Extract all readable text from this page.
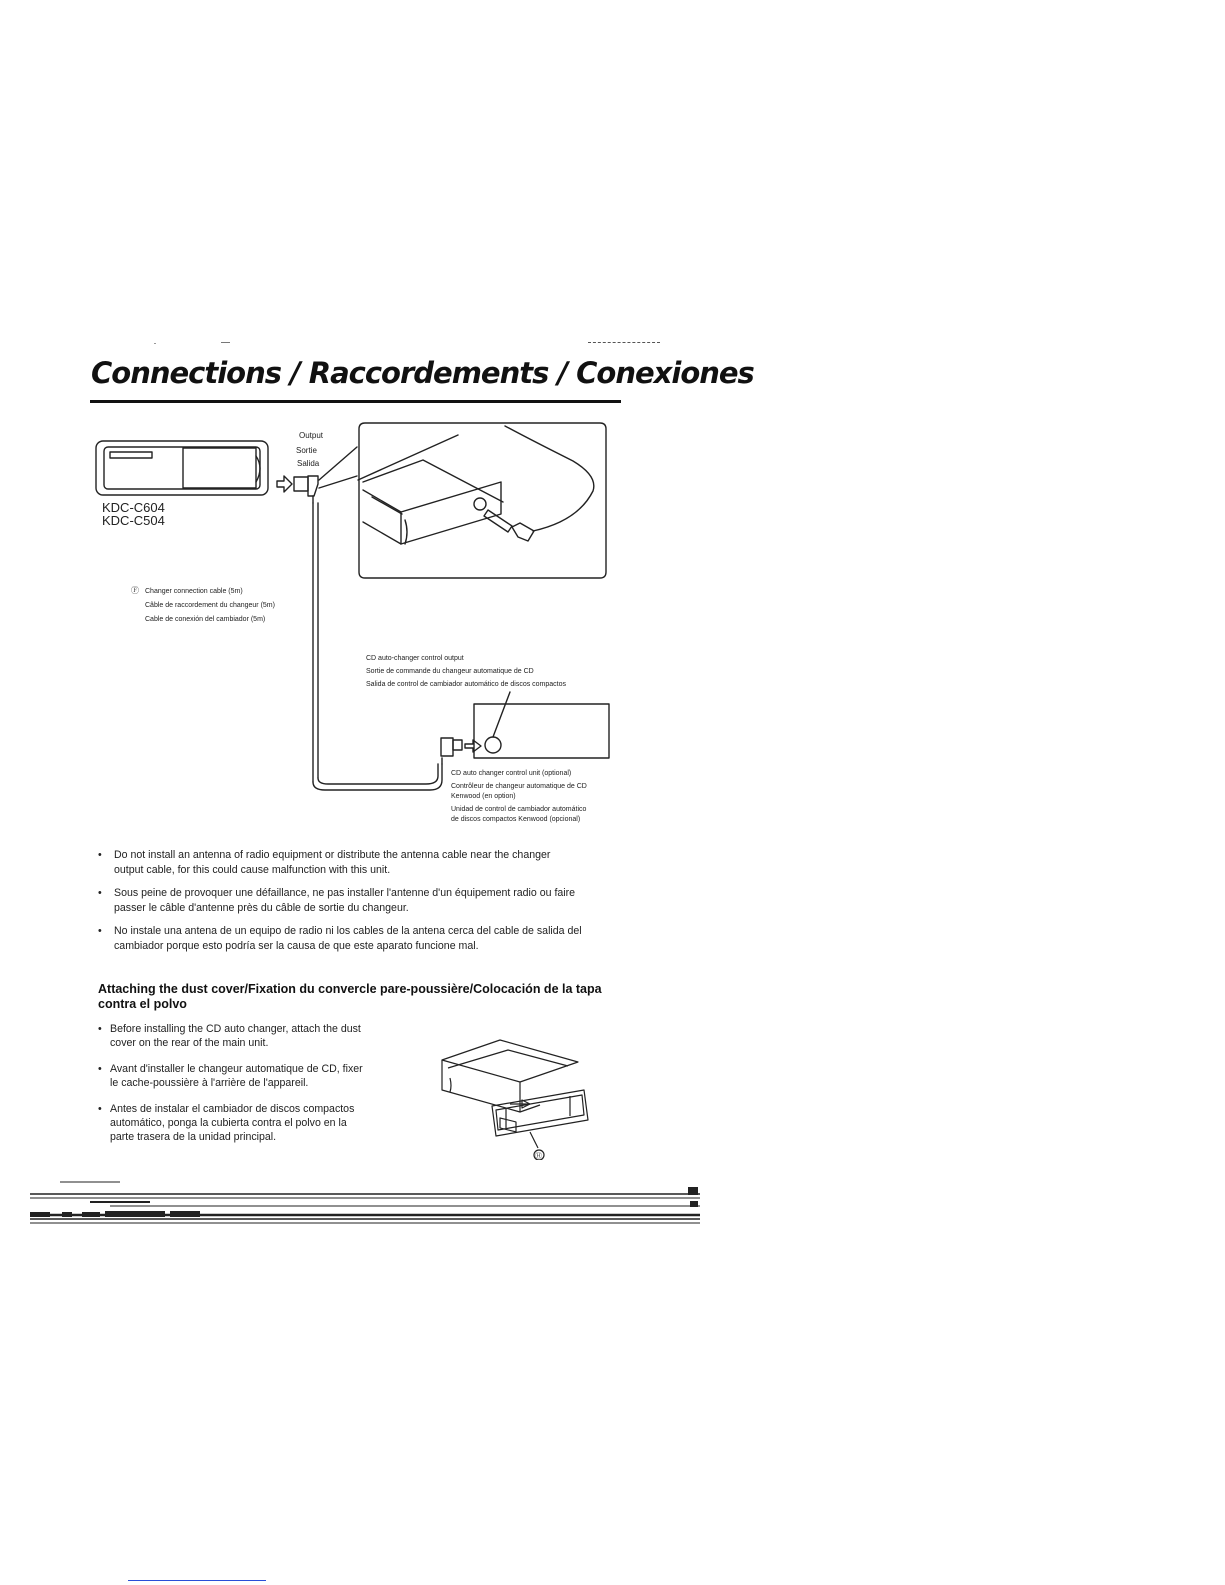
Connections / Raccordements / Conexiones
Output
Sortie
Salida
KDC-C604
KDC-C504
Ⓕ Changer connection cable (5m)
Câble de raccordement du changeur (5m)
Cable de conexión del cambiador (5m)
CD auto-changer control output
Sortie de commande du changeur automatique de CD
Salida de control de cambiador automático de discos compactos
CD auto changer control unit (optional)
Contrôleur de changeur automatique de CD
Kenwood (en option)
Unidad de control de cambiador automático
de discos compactos Kenwood (opcional)
• Do not install an antenna of radio equipment or distribute the antenna cable near the changer
output cable, for this could cause malfunction with this unit.
• Sous peine de provoquer une défaillance, ne pas installer l'antenne d'un équipement radio ou faire
passer le câble d'antenne près du câble de sortie du changeur.
• No instale una antena de un equipo de radio ni los cables de la antena cerca del cable de salida del
cambiador porque esto podría ser la causa de que este aparato funcione mal.
Attaching the dust cover/Fixation du convercle pare-poussière/Colocación de la tapa contra el polvo
• Before installing the CD auto changer, attach the dust
cover on the rear of the main unit.
• Avant d'installer le changeur automatique de CD, fixer
le cache-poussière à l'arrière de l'appareil.
• Antes de instalar el cambiador de discos compactos
automático, ponga la cubierta contra el polvo en la
parte trasera de la unidad principal.
Ⓗ
